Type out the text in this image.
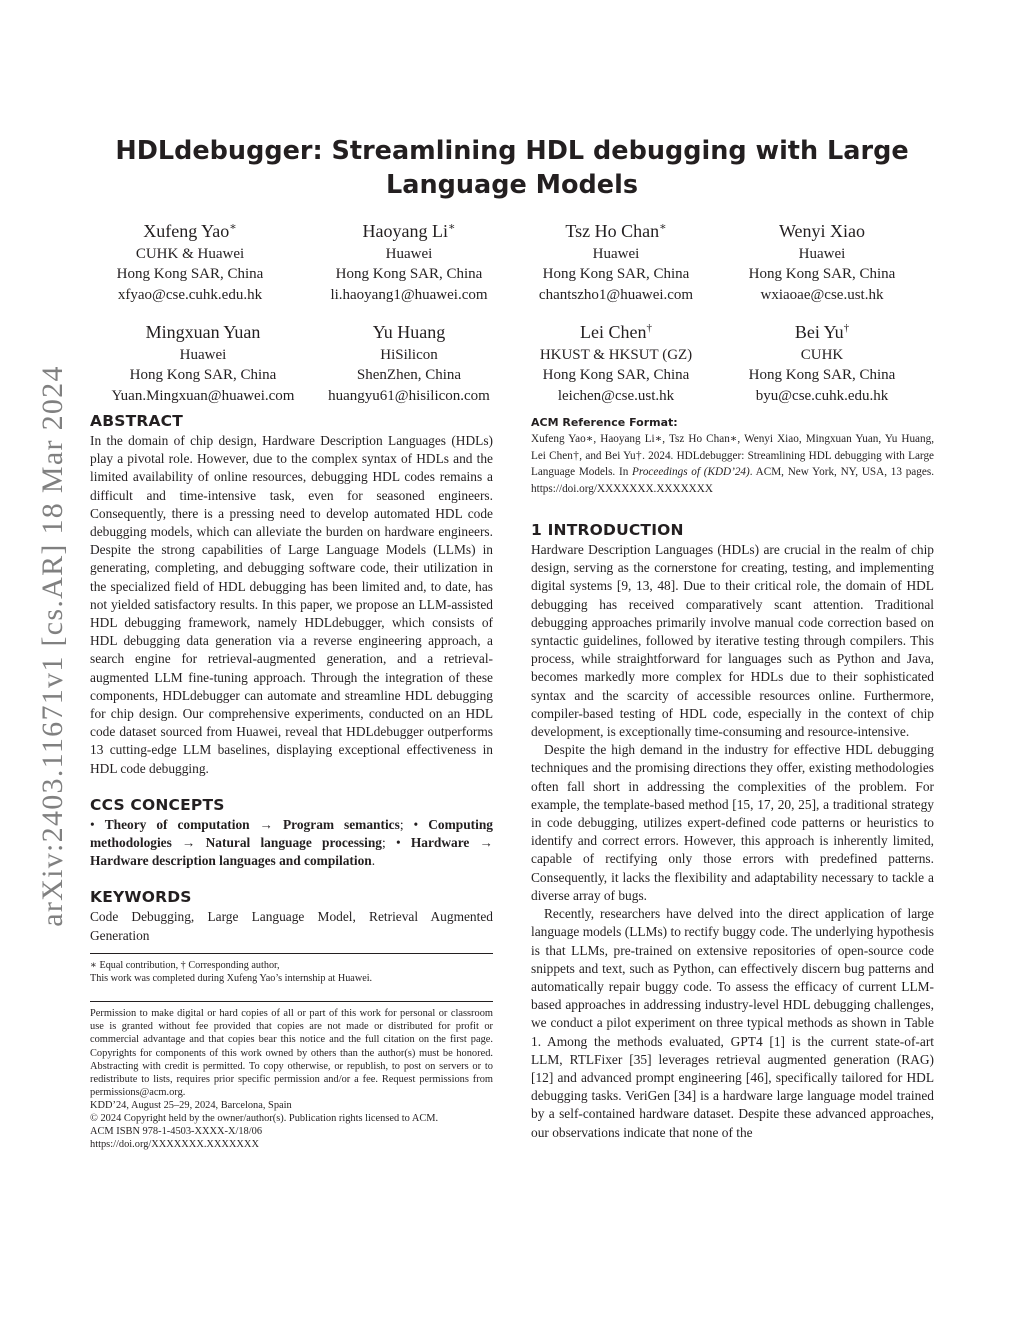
arXiv:2403.11671v1 [cs.AR] 18 Mar 2024
HDLdebugger: Streamlining HDL debugging with Large Language Models
Xufeng Yao∗
CUHK & Huawei
Hong Kong SAR, China
xfyao@cse.cuhk.edu.hk
Haoyang Li∗
Huawei
Hong Kong SAR, China
li.haoyang1@huawei.com
Tsz Ho Chan∗
Huawei
Hong Kong SAR, China
chantszho1@huawei.com
Wenyi Xiao
Huawei
Hong Kong SAR, China
wxiaoae@cse.ust.hk
Mingxuan Yuan
Huawei
Hong Kong SAR, China
Yuan.Mingxuan@huawei.com
Yu Huang
HiSilicon
ShenZhen, China
huangyu61@hisilicon.com
Lei Chen†
HKUST & HKSUT (GZ)
Hong Kong SAR, China
leichen@cse.ust.hk
Bei Yu†
CUHK
Hong Kong SAR, China
byu@cse.cuhk.edu.hk
ABSTRACT

In the domain of chip design, Hardware Description Languages (HDLs) play a pivotal role. However, due to the complex syntax of HDLs and the limited availability of online resources, debugging HDL codes remains a difficult and time-intensive task, even for seasoned engineers. Consequently, there is a pressing need to develop automated HDL code debugging models, which can alleviate the burden on hardware engineers. Despite the strong capabilities of Large Language Models (LLMs) in generating, completing, and debugging software code, their utilization in the specialized field of HDL debugging has been limited and, to date, has not yielded satisfactory results. In this paper, we propose an LLM-assisted HDL debugging framework, namely HDLdebugger, which consists of HDL debugging data generation via a reverse engineering approach, a search engine for retrieval-augmented generation, and a retrieval-augmented LLM fine-tuning approach. Through the integration of these components, HDLdebugger can automate and streamline HDL debugging for chip design. Our comprehensive experiments, conducted on an HDL code dataset sourced from Huawei, reveal that HDLdebugger outperforms 13 cutting-edge LLM baselines, displaying exceptional effectiveness in HDL code debugging.

CCS CONCEPTS

• Theory of computation → Program semantics; • Computing methodologies → Natural language processing; • Hardware → Hardware description languages and compilation.

KEYWORDS

Code Debugging, Large Language Model, Retrieval Augmented Generation

∗ Equal contribution, † Corresponding author,
This work was completed during Xufeng Yao’s internship at Huawei.
Permission to make digital or hard copies of all or part of this work for personal or classroom use is granted without fee provided that copies are not made or distributed for profit or commercial advantage and that copies bear this notice and the full citation on the first page. Copyrights for components of this work owned by others than the author(s) must be honored. Abstracting with credit is permitted. To copy otherwise, or republish, to post on servers or to redistribute to lists, requires prior specific permission and/or a fee. Request permissions from permissions@acm.org.
KDD’24, August 25–29, 2024, Barcelona, Spain
© 2024 Copyright held by the owner/author(s). Publication rights licensed to ACM.
ACM ISBN 978-1-4503-XXXX-X/18/06
https://doi.org/XXXXXXX.XXXXXXX
ACM Reference Format:

Xufeng Yao∗, Haoyang Li∗, Tsz Ho Chan∗, Wenyi Xiao, Mingxuan Yuan, Yu Huang, Lei Chen†, and Bei Yu†. 2024. HDLdebugger: Streamlining HDL debugging with Large Language Models. In Proceedings of (KDD’24). ACM, New York, NY, USA, 13 pages. https://doi.org/XXXXXXX.XXXXXXX

1 INTRODUCTION

Hardware Description Languages (HDLs) are crucial in the realm of chip design, serving as the cornerstone for creating, testing, and implementing digital systems [9, 13, 48]. Due to their critical role, the domain of HDL debugging has received comparatively scant attention. Traditional debugging approaches primarily involve manual code correction based on syntactic guidelines, followed by iterative testing through compilers. This process, while straightforward for languages such as Python and Java, becomes markedly more complex for HDLs due to their sophisticated syntax and the scarcity of accessible resources online. Furthermore, compiler-based testing of HDL code, especially in the context of chip development, is exceptionally time-consuming and resource-intensive.

Despite the high demand in the industry for effective HDL debugging techniques and the promising directions they offer, existing methodologies often fall short in addressing the complexities of the problem. For example, the template-based method [15, 17, 20, 25], a traditional strategy in code debugging, utilizes expert-defined code patterns or heuristics to identify and correct errors. However, this approach is inherently limited, capable of rectifying only those errors with predefined patterns. Consequently, it lacks the flexibility and adaptability necessary to tackle a diverse array of bugs.

Recently, researchers have delved into the direct application of large language models (LLMs) to rectify buggy code. The underlying hypothesis is that LLMs, pre-trained on extensive repositories of open-source code snippets and text, such as Python, can effectively discern bug patterns and automatically repair buggy code. To assess the efficacy of current LLM-based approaches in addressing industry-level HDL debugging challenges, we conduct a pilot experiment on three typical methods as shown in Table 1. Among the methods evaluated, GPT4 [1] is the current state-of-art LLM, RTLFixer [35] leverages retrieval augmented generation (RAG) [12] and advanced prompt engineering [46], specifically tailored for HDL debugging tasks. VeriGen [34] is a hardware large language model trained by a self-contained hardware dataset. Despite these advanced approaches, our observations indicate that none of the
